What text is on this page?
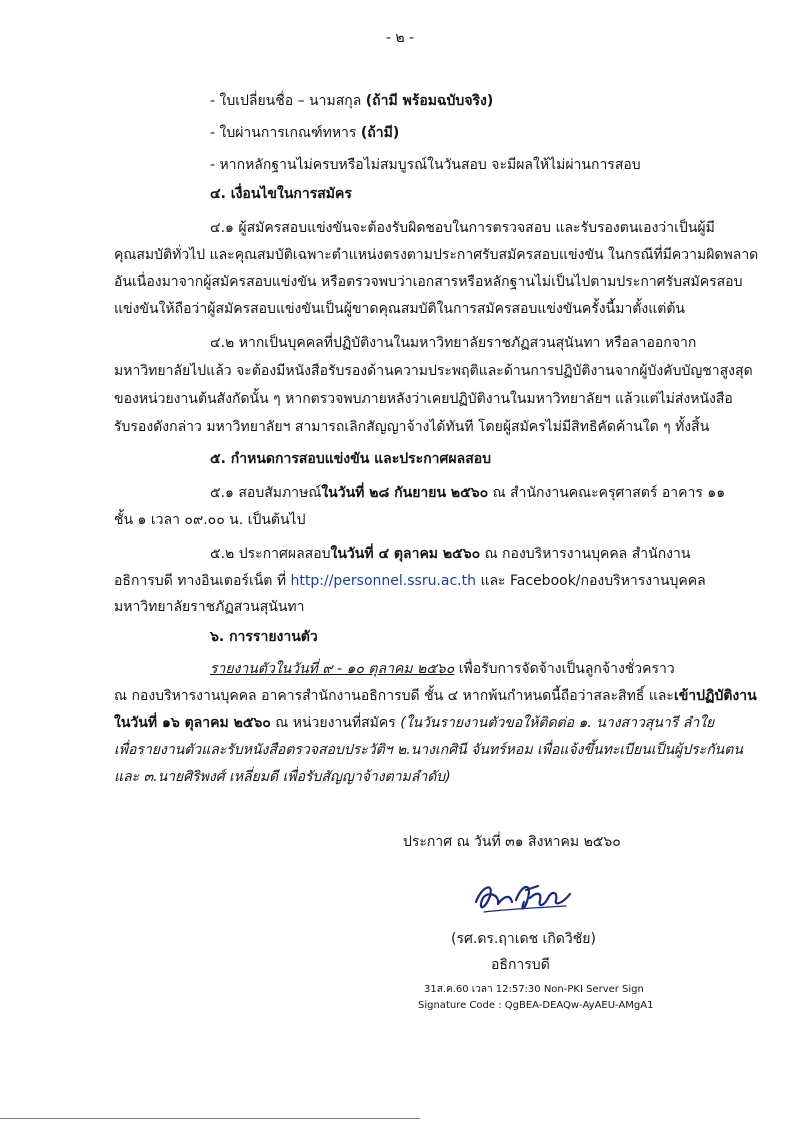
- ๒ -
- ใบเปลี่ยนชื่อ – นามสกุล (ถ้ามี พร้อมฉบับจริง)
- ใบผ่านการเกณฑ์ทหาร (ถ้ามี)
- หากหลักฐานไม่ครบหรือไม่สมบูรณ์ในวันสอบ จะมีผลให้ไม่ผ่านการสอบ
๔. เงื่อนไขในการสมัคร
๔.๑ ผู้สมัครสอบแข่งขันจะต้องรับผิดชอบในการตรวจสอบ และรับรองตนเองว่าเป็นผู้มี
คุณสมบัติทั่วไป และคุณสมบัติเฉพาะตำแหน่งตรงตามประกาศรับสมัครสอบแข่งขัน ในกรณีที่มีความผิดพลาด
อันเนื่องมาจากผู้สมัครสอบแข่งขัน หรือตรวจพบว่าเอกสารหรือหลักฐานไม่เป็นไปตามประกาศรับสมัครสอบ
แข่งขันให้ถือว่าผู้สมัครสอบแข่งขันเป็นผู้ขาดคุณสมบัติในการสมัครสอบแข่งขันครั้งนี้มาตั้งแต่ต้น
๔.๒ หากเป็นบุคคลที่ปฏิบัติงานในมหาวิทยาลัยราชภัฏสวนสุนันทา หรือลาออกจาก
มหาวิทยาลัยไปแล้ว จะต้องมีหนังสือรับรองด้านความประพฤติและด้านการปฏิบัติงานจากผู้บังคับบัญชาสูงสุด
ของหน่วยงานต้นสังกัดนั้น ๆ หากตรวจพบภายหลังว่าเคยปฏิบัติงานในมหาวิทยาลัยฯ แล้วแต่ไม่ส่งหนังสือ
รับรองดังกล่าว มหาวิทยาลัยฯ สามารถเลิกสัญญาจ้างได้ทันที โดยผู้สมัครไม่มีสิทธิคัดค้านใด ๆ ทั้งสิ้น
๕. กำหนดการสอบแข่งขัน และประกาศผลสอบ
๕.๑ สอบสัมภาษณ์ในวันที่ ๒๘ กันยายน ๒๕๖๐ ณ สำนักงานคณะครุศาสตร์ อาคาร ๑๑
ชั้น ๑ เวลา ๐๙.๐๐ น. เป็นต้นไป
๕.๒ ประกาศผลสอบในวันที่ ๔ ตุลาคม ๒๕๖๐ ณ กองบริหารงานบุคคล สำนักงาน
อธิการบดี ทางอินเตอร์เน็ต ที่ http://personnel.ssru.ac.th และ Facebook/กองบริหารงานบุคคล
มหาวิทยาลัยราชภัฏสวนสุนันทา
๖. การรายงานตัว
รายงานตัวในวันที่ ๙ - ๑๐ ตุลาคม ๒๕๖๐ เพื่อรับการจัดจ้างเป็นลูกจ้างชั่วคราว
ณ กองบริหารงานบุคคล อาคารสำนักงานอธิการบดี ชั้น ๔ หากพ้นกำหนดนี้ถือว่าสละสิทธิ์ และเข้าปฏิบัติงาน
ในวันที่ ๑๖ ตุลาคม ๒๕๖๐ ณ หน่วยงานที่สมัคร (ในวันรายงานตัวขอให้ติดต่อ ๑. นางสาวสุนารี ลำใย
เพื่อรายงานตัวและรับหนังสือตรวจสอบประวัติฯ ๒.นางเกศินี จันทร์หอม เพื่อแจ้งขึ้นทะเบียนเป็นผู้ประกันตน
และ ๓.นายศิริพงศ์ เหลี่ยมดี เพื่อรับสัญญาจ้างตามลำดับ)
ประกาศ ณ วันที่ ๓๑ สิงหาคม ๒๕๖๐
(รศ.ดร.ฤาเดช เกิดวิชัย)
อธิการบดี
31ส.ค.60 เวลา 12:57:30 Non-PKI Server Sign
Signature Code : QgBEA-DEAQw-AyAEU-AMgA1
